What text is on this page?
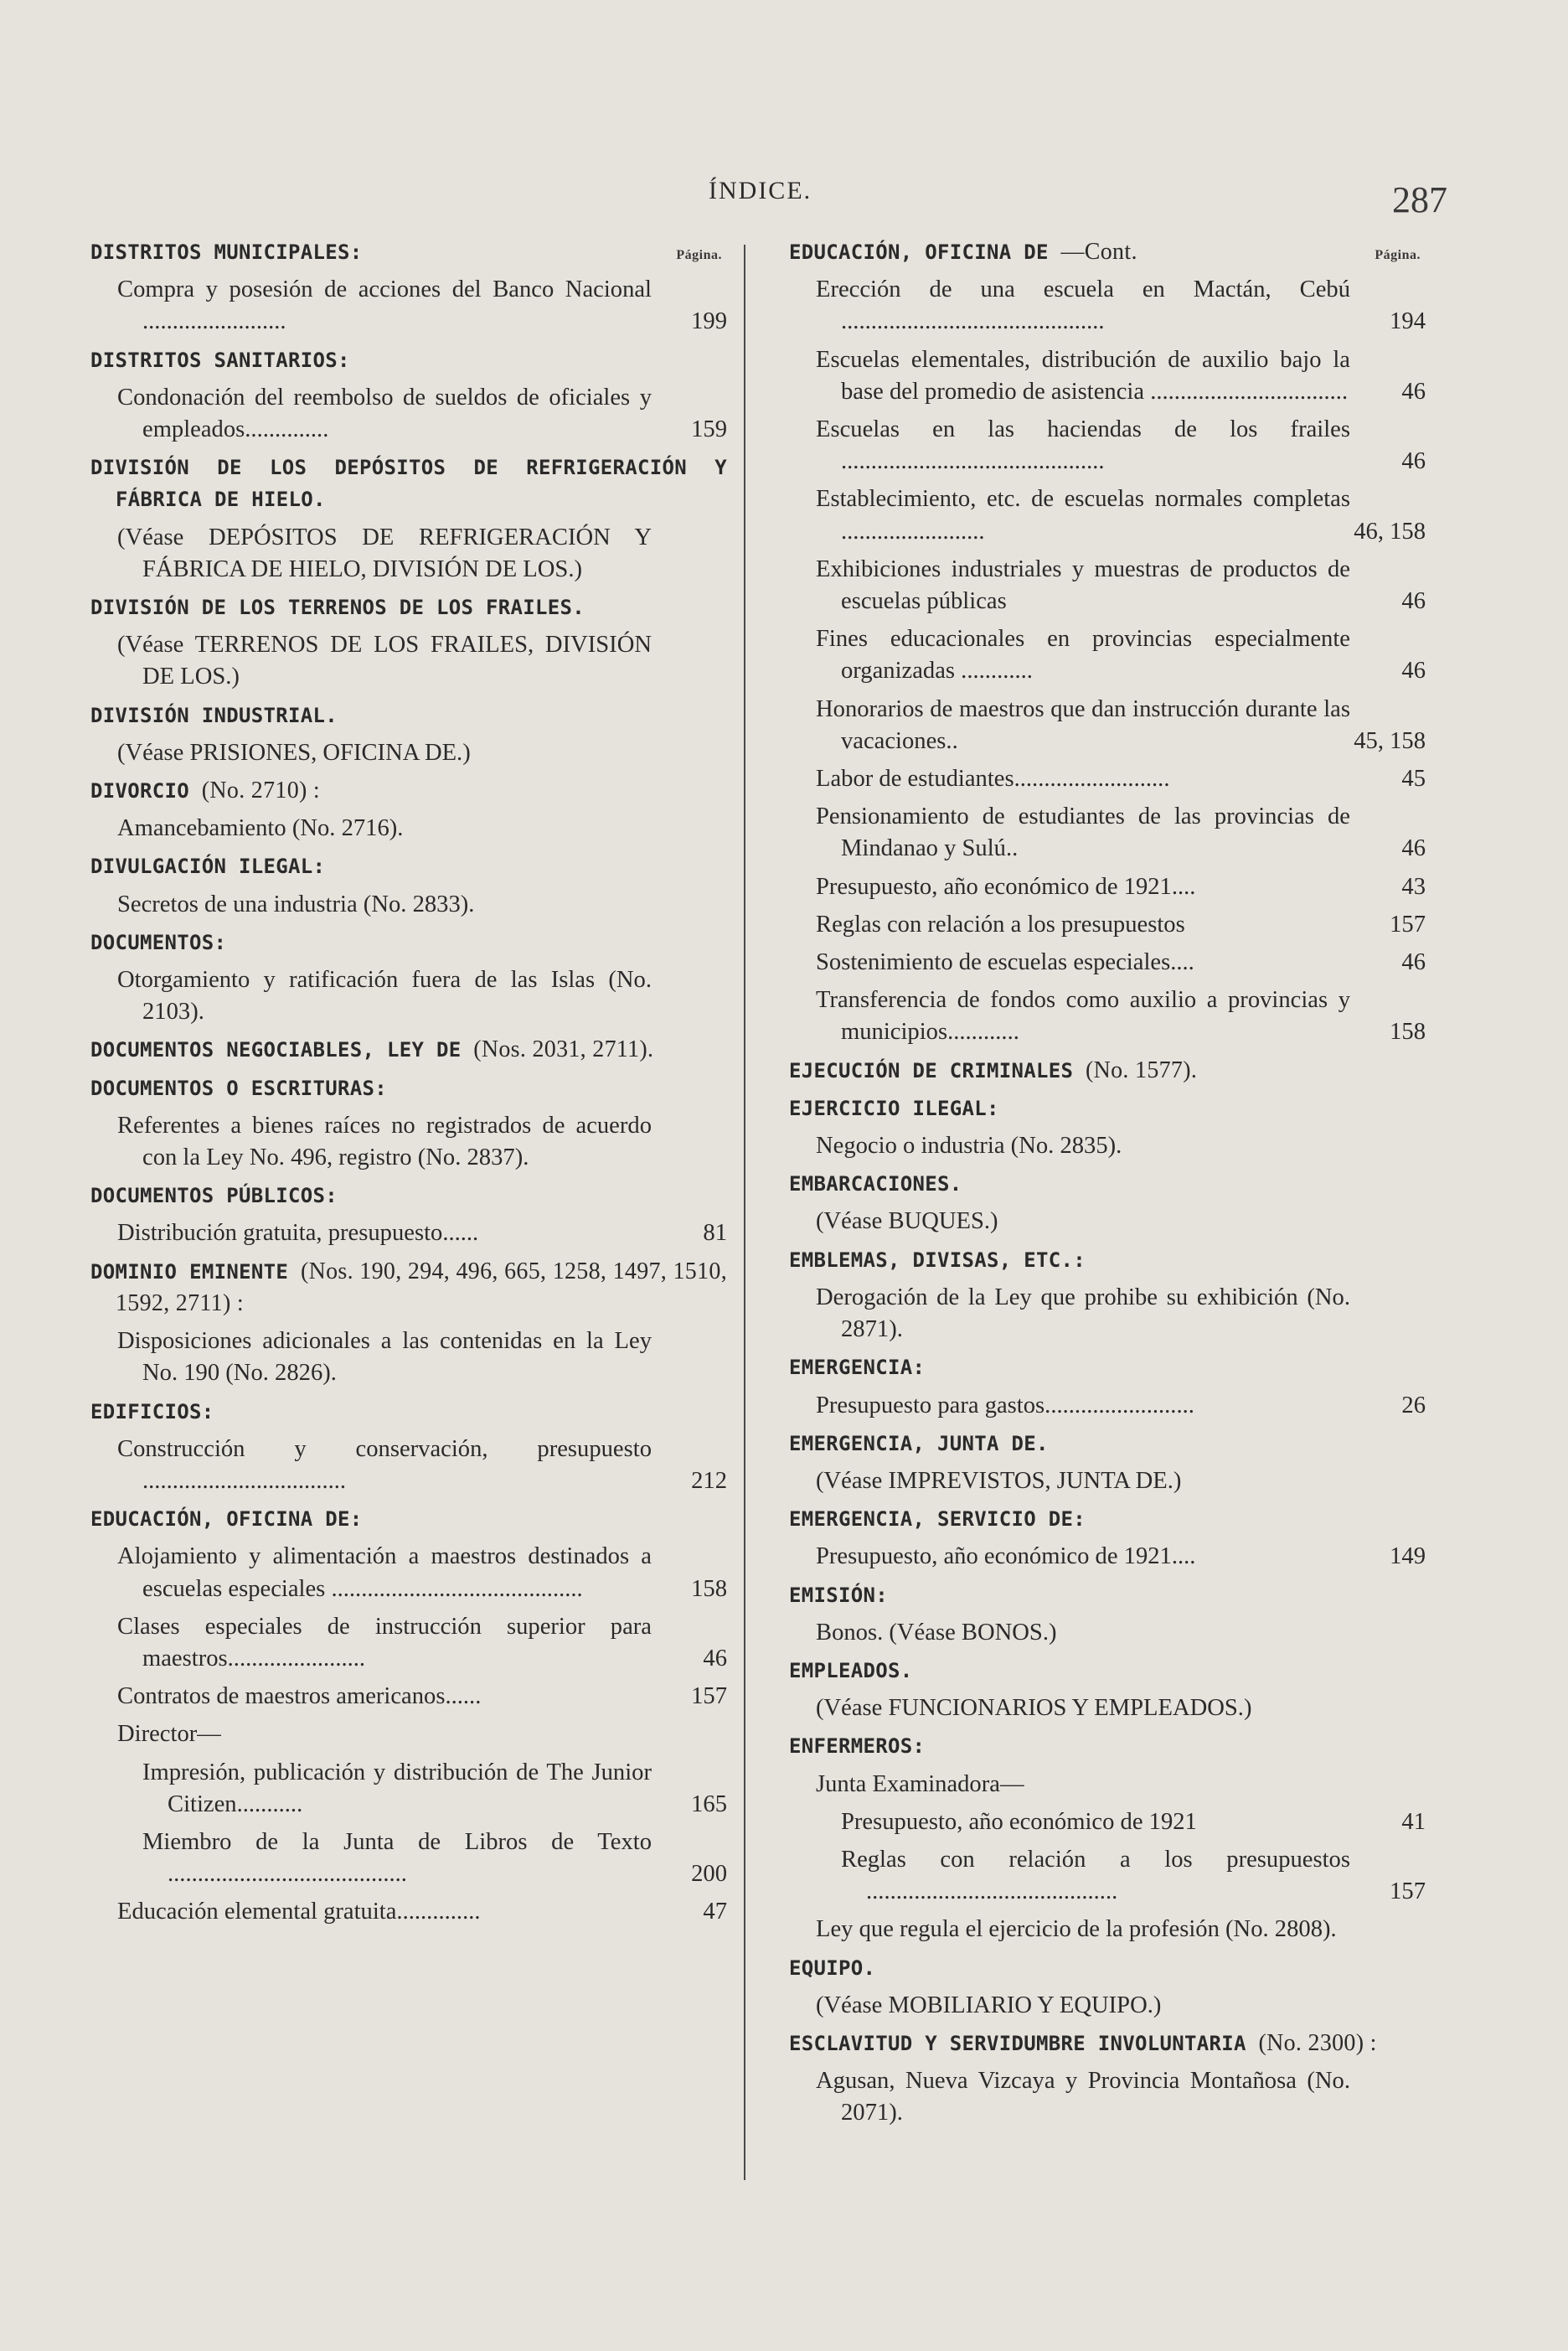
ÍNDICE.	287
Página.
DISTRITOS MUNICIPALES:
Compra y posesión de acciones del Banco Nacional ........................	199
DISTRITOS SANITARIOS:
Condonación del reembolso de sueldos de oficiales y empleados..............	159
DIVISIÓN DE LOS DEPÓSITOS DE REFRIGERACIÓN Y FÁBRICA DE HIELO.
(Véase DEPÓSITOS DE REFRIGERACIÓN Y FÁBRICA DE HIELO, DIVISIÓN DE LOS.)
DIVISIÓN DE LOS TERRENOS DE LOS FRAILES.
(Véase TERRENOS DE LOS FRAILES, DIVISIÓN DE LOS.)
DIVISIÓN INDUSTRIAL.
(Véase PRISIONES, OFICINA DE.)
DIVORCIO (No. 2710) :
Amancebamiento (No. 2716).
DIVULGACIÓN ILEGAL:
Secretos de una industria (No. 2833).
DOCUMENTOS:
Otorgamiento y ratificación fuera de las Islas (No. 2103).
DOCUMENTOS NEGOCIABLES, LEY DE (Nos. 2031, 2711).
DOCUMENTOS O ESCRITURAS:
Referentes a bienes raíces no registrados de acuerdo con la Ley No. 496, registro (No. 2837).
DOCUMENTOS PÚBLICOS:
Distribución gratuita, presupuesto......	81
DOMINIO EMINENTE (Nos. 190, 294, 496, 665, 1258, 1497, 1510, 1592, 2711) :
Disposiciones adicionales a las contenidas en la Ley No. 190 (No. 2826).
EDIFICIOS:
Construcción y conservación, presupuesto ..................................	212
EDUCACIÓN, OFICINA DE:
Alojamiento y alimentación a maestros destinados a escuelas especiales ..........................................	158
Clases especiales de instrucción superior para maestros.......................	46
Contratos de maestros americanos......	157
Director—
Impresión, publicación y distribución de The Junior Citizen...........	165
Miembro de la Junta de Libros de Texto ........................................	200
Educación elemental gratuita..............	47
Página.
EDUCACIÓN, OFICINA DE —Cont.
Erección de una escuela en Mactán, Cebú ............................................	194
Escuelas elementales, distribución de auxilio bajo la base del promedio de asistencia .................................	46
Escuelas en las haciendas de los frailes ............................................	46
Establecimiento, etc. de escuelas normales completas ........................	46, 158
Exhibiciones industriales y muestras de productos de escuelas públicas	46
Fines educacionales en provincias especialmente organizadas ............	46
Honorarios de maestros que dan instrucción durante las vacaciones..	45, 158
Labor de estudiantes..........................	45
Pensionamiento de estudiantes de las provincias de Mindanao y Sulú..	46
Presupuesto, año económico de 1921....	43
Reglas con relación a los presupuestos	157
Sostenimiento de escuelas especiales....	46
Transferencia de fondos como auxilio a provincias y municipios............	158
EJECUCIÓN DE CRIMINALES (No. 1577).
EJERCICIO ILEGAL:
Negocio o industria (No. 2835).
EMBARCACIONES.
(Véase BUQUES.)
EMBLEMAS, DIVISAS, ETC.:
Derogación de la Ley que prohibe su exhibición (No. 2871).
EMERGENCIA:
Presupuesto para gastos.........................	26
EMERGENCIA, JUNTA DE.
(Véase IMPREVISTOS, JUNTA DE.)
EMERGENCIA, SERVICIO DE:
Presupuesto, año económico de 1921....	149
EMISIÓN:
Bonos. (Véase BONOS.)
EMPLEADOS.
(Véase FUNCIONARIOS Y EMPLEADOS.)
ENFERMEROS:
Junta Examinadora—
Presupuesto, año económico de 1921	41
Reglas con relación a los presupuestos ..........................................	157
Ley que regula el ejercicio de la profesión (No. 2808).
EQUIPO.
(Véase MOBILIARIO Y EQUIPO.)
ESCLAVITUD Y SERVIDUMBRE INVOLUNTARIA (No. 2300) :
Agusan, Nueva Vizcaya y Provincia Montañosa (No. 2071).
